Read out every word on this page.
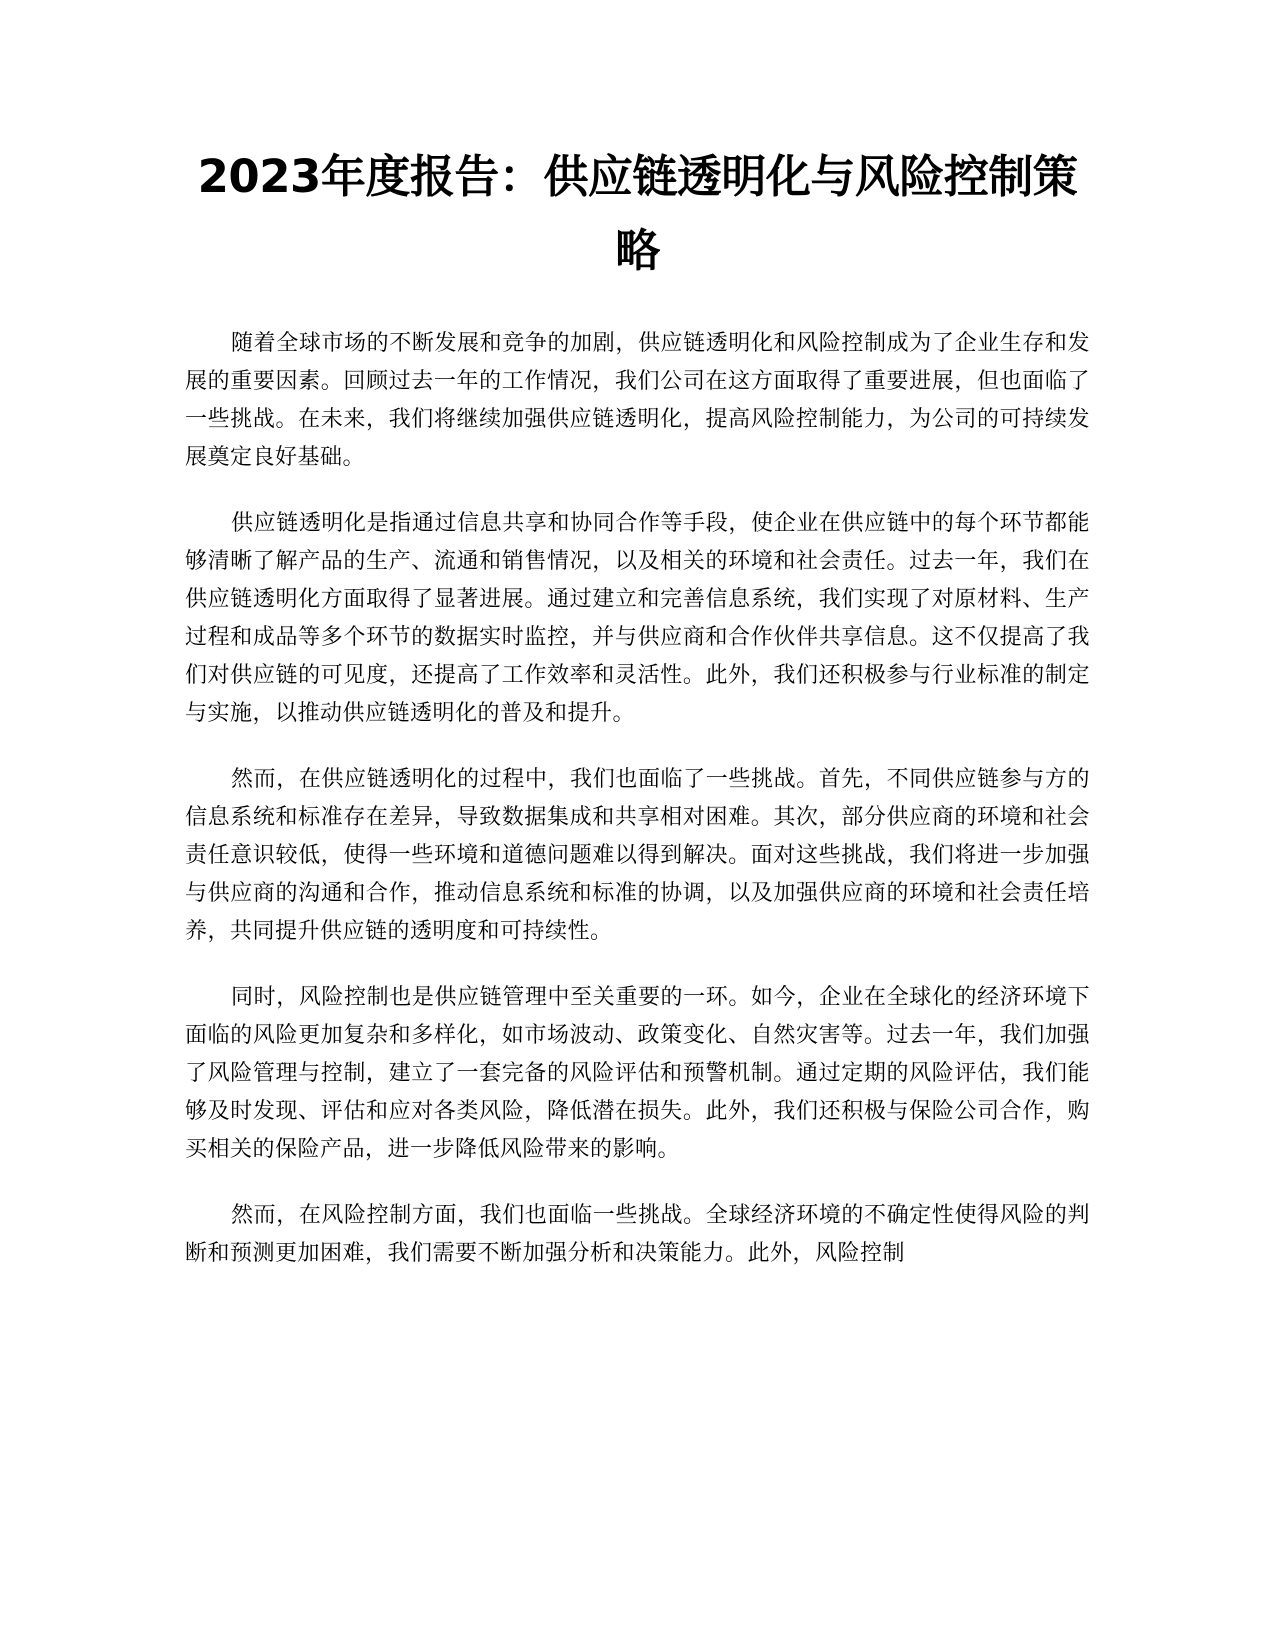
2023年度报告：供应链透明化与风险控制策略

随着全球市场的不断发展和竞争的加剧，供应链透明化和风险控制成为了企业生存和发展的重要因素。回顾过去一年的工作情况，我们公司在这方面取得了重要进展，但也面临了一些挑战。在未来，我们将继续加强供应链透明化，提高风险控制能力，为公司的可持续发展奠定良好基础。

供应链透明化是指通过信息共享和协同合作等手段，使企业在供应链中的每个环节都能够清晰了解产品的生产、流通和销售情况，以及相关的环境和社会责任。过去一年，我们在供应链透明化方面取得了显著进展。通过建立和完善信息系统，我们实现了对原材料、生产过程和成品等多个环节的数据实时监控，并与供应商和合作伙伴共享信息。这不仅提高了我们对供应链的可见度，还提高了工作效率和灵活性。此外，我们还积极参与行业标准的制定与实施，以推动供应链透明化的普及和提升。

然而，在供应链透明化的过程中，我们也面临了一些挑战。首先，不同供应链参与方的信息系统和标准存在差异，导致数据集成和共享相对困难。其次，部分供应商的环境和社会责任意识较低，使得一些环境和道德问题难以得到解决。面对这些挑战，我们将进一步加强与供应商的沟通和合作，推动信息系统和标准的协调，以及加强供应商的环境和社会责任培养，共同提升供应链的透明度和可持续性。

同时，风险控制也是供应链管理中至关重要的一环。如今，企业在全球化的经济环境下面临的风险更加复杂和多样化，如市场波动、政策变化、自然灾害等。过去一年，我们加强了风险管理与控制，建立了一套完备的风险评估和预警机制。通过定期的风险评估，我们能够及时发现、评估和应对各类风险，降低潜在损失。此外，我们还积极与保险公司合作，购买相关的保险产品，进一步降低风险带来的影响。

然而，在风险控制方面，我们也面临一些挑战。全球经济环境的不确定性使得风险的判断和预测更加困难，我们需要不断加强分析和决策能力。此外，风险控制
